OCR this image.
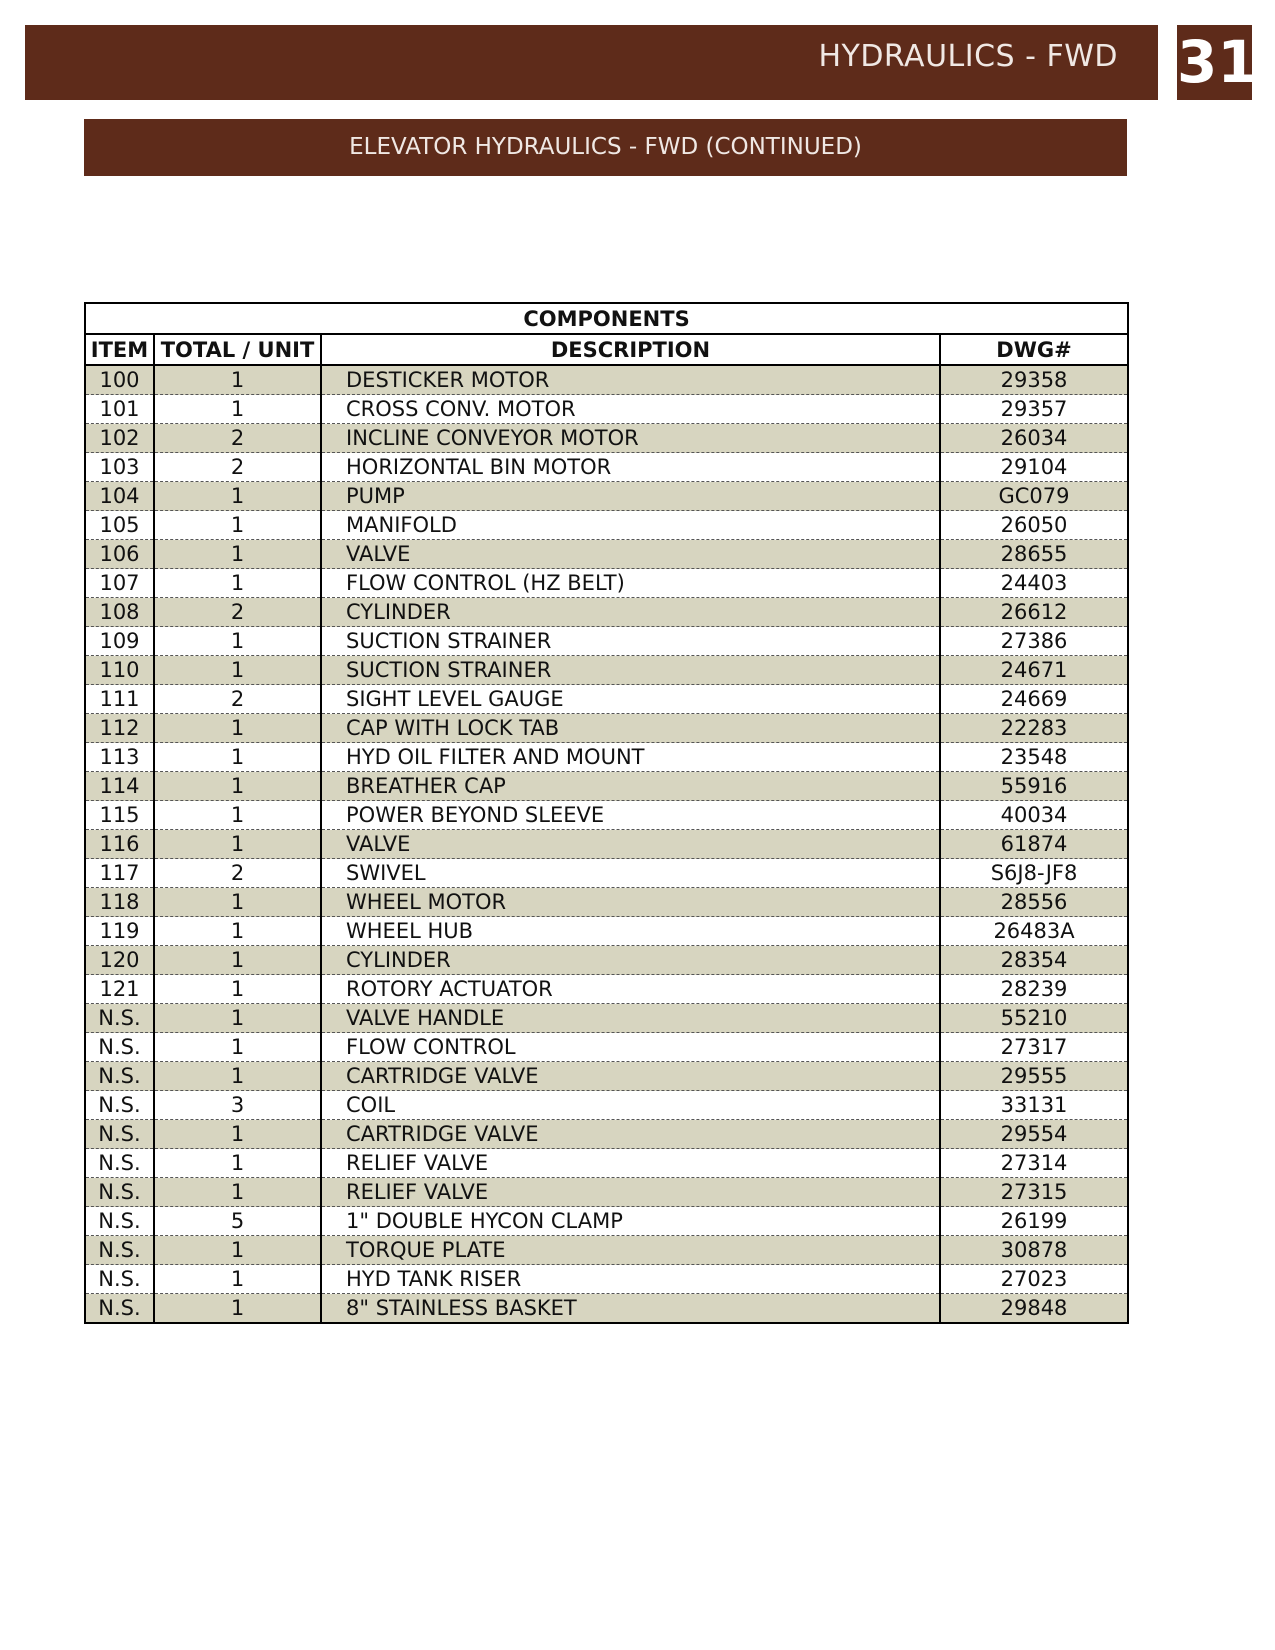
HYDRAULICS - FWD 31
ELEVATOR HYDRAULICS - FWD (CONTINUED)
COMPONENTS			
ITEM	TOTAL / UNIT	DESCRIPTION	DWG#
100	1	DESTICKER MOTOR	29358
101	1	CROSS CONV. MOTOR	29357
102	2	INCLINE CONVEYOR MOTOR	26034
103	2	HORIZONTAL BIN MOTOR	29104
104	1	PUMP	GC079
105	1	MANIFOLD	26050
106	1	VALVE	28655
107	1	FLOW CONTROL (HZ BELT)	24403
108	2	CYLINDER	26612
109	1	SUCTION STRAINER	27386
110	1	SUCTION STRAINER	24671
111	2	SIGHT LEVEL GAUGE	24669
112	1	CAP WITH LOCK TAB	22283
113	1	HYD OIL FILTER AND MOUNT	23548
114	1	BREATHER CAP	55916
115	1	POWER BEYOND SLEEVE	40034
116	1	VALVE	61874
117	2	SWIVEL	S6J8-JF8
118	1	WHEEL MOTOR	28556
119	1	WHEEL HUB	26483A
120	1	CYLINDER	28354
121	1	ROTORY ACTUATOR	28239
N.S.	1	VALVE HANDLE	55210
N.S.	1	FLOW CONTROL	27317
N.S.	1	CARTRIDGE VALVE	29555
N.S.	3	COIL	33131
N.S.	1	CARTRIDGE VALVE	29554
N.S.	1	RELIEF VALVE	27314
N.S.	1	RELIEF VALVE	27315
N.S.	5	1" DOUBLE HYCON CLAMP	26199
N.S.	1	TORQUE PLATE	30878
N.S.	1	HYD TANK RISER	27023
N.S.	1	8" STAINLESS BASKET	29848
